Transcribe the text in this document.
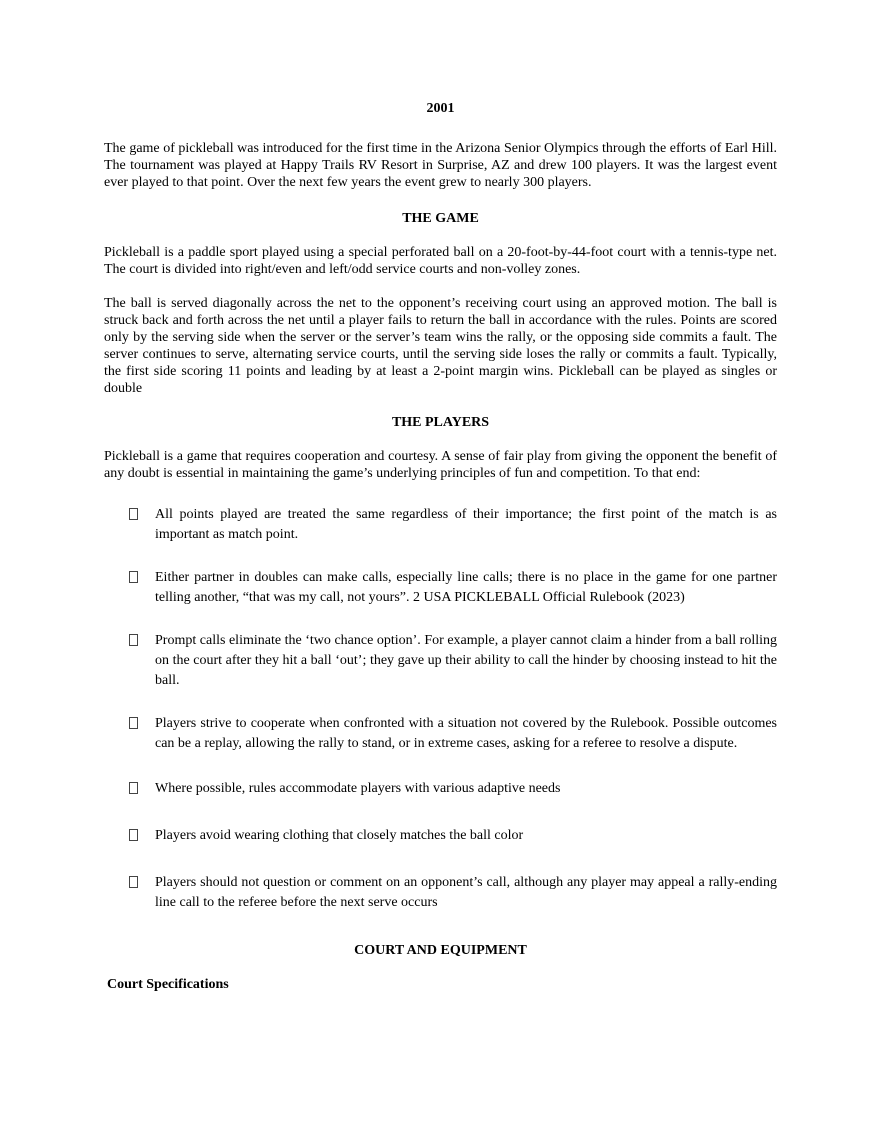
2001

The game of pickleball was introduced for the first time in the Arizona Senior Olympics through the efforts of Earl Hill. The tournament was played at Happy Trails RV Resort in Surprise, AZ and drew 100 players. It was the largest event ever played to that point. Over the next few years the event grew to nearly 300 players.

THE GAME

Pickleball is a paddle sport played using a special perforated ball on a 20-foot-by-44-foot court with a tennis-type net. The court is divided into right/even and left/odd service courts and non-volley zones.

The ball is served diagonally across the net to the opponent’s receiving court using an approved motion. The ball is struck back and forth across the net until a player fails to return the ball in accordance with the rules. Points are scored only by the serving side when the server or the server’s team wins the rally, or the opposing side commits a fault. The server continues to serve, alternating service courts, until the serving side loses the rally or commits a fault. Typically, the first side scoring 11 points and leading by at least a 2-point margin wins. Pickleball can be played as singles or double

THE PLAYERS

Pickleball is a game that requires cooperation and courtesy. A sense of fair play from giving the opponent the benefit of any doubt is essential in maintaining the game’s underlying principles of fun and competition. To that end:

All points played are treated the same regardless of their importance; the first point of the match is as important as match point.
Either partner in doubles can make calls, especially line calls; there is no place in the game for one partner telling another, “that was my call, not yours”. 2 USA PICKLEBALL Official Rulebook (2023)
Prompt calls eliminate the ‘two chance option’. For example, a player cannot claim a hinder from a ball rolling on the court after they hit a ball ‘out’; they gave up their ability to call the hinder by choosing instead to hit the ball.
Players strive to cooperate when confronted with a situation not covered by the Rulebook. Possible outcomes can be a replay, allowing the rally to stand, or in extreme cases, asking for a referee to resolve a dispute.
Where possible, rules accommodate players with various adaptive needs
Players avoid wearing clothing that closely matches the ball color
Players should not question or comment on an opponent’s call, although any player may appeal a rally-ending line call to the referee before the next serve occurs

COURT AND EQUIPMENT

Court Specifications
